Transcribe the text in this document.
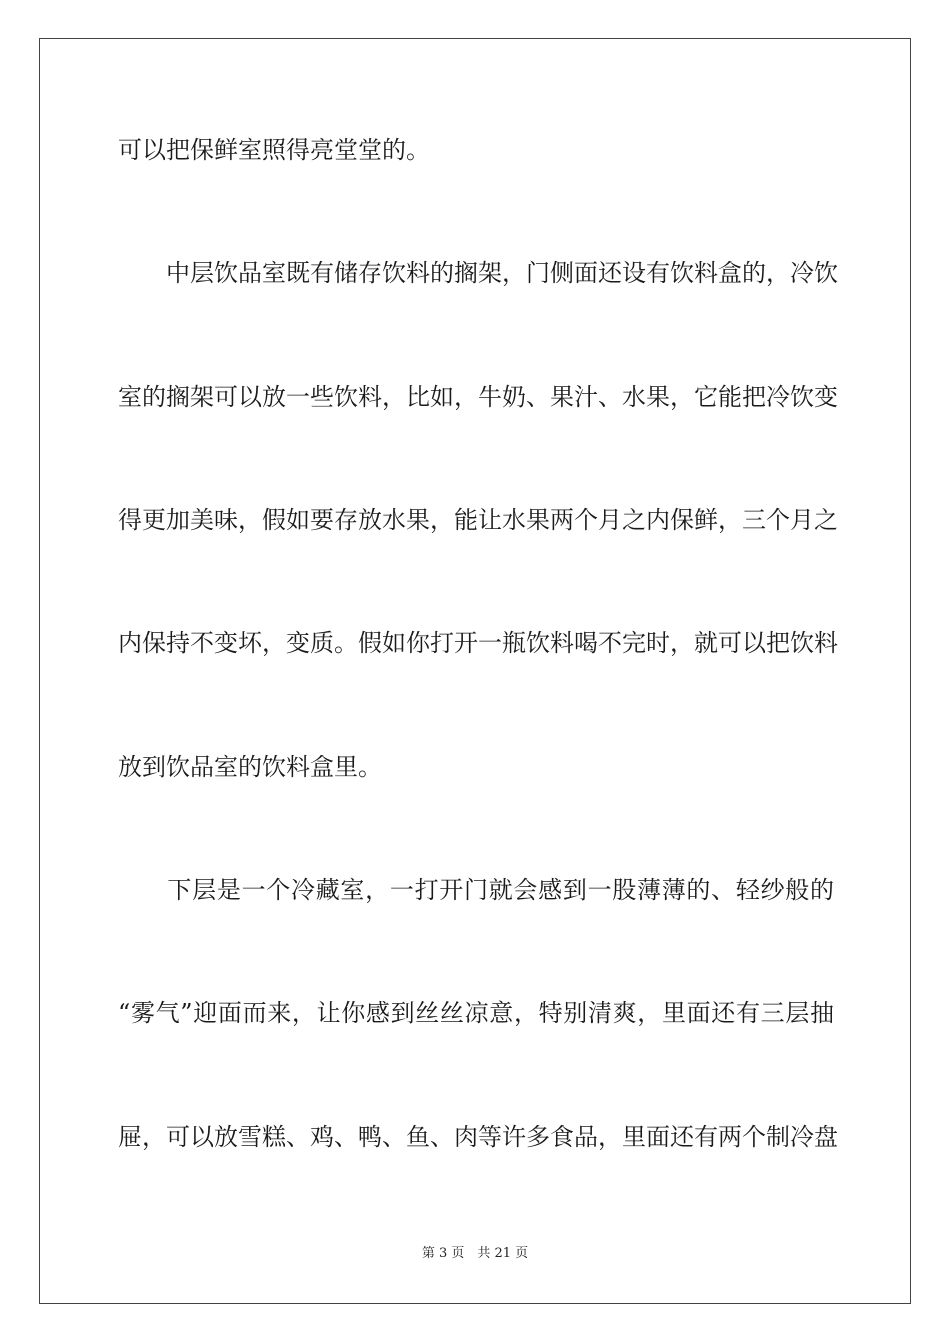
可以把保鲜室照得亮堂堂的。
　　中层饮品室既有储存饮料的搁架，门侧面还设有饮料盒的，冷饮
室的搁架可以放一些饮料，比如，牛奶、果汁、水果，它能把冷饮变
得更加美味，假如要存放水果，能让水果两个月之内保鲜，三个月之
内保持不变坏，变质。假如你打开一瓶饮料喝不完时，就可以把饮料
放到饮品室的饮料盒里。
　　下层是一个冷藏室，一打开门就会感到一股薄薄的、轻纱般的
“雾气”迎面而来，让你感到丝丝凉意，特别清爽，里面还有三层抽
屉，可以放雪糕、鸡、鸭、鱼、肉等许多食品，里面还有两个制冷盘
第 3 页　共 21 页
